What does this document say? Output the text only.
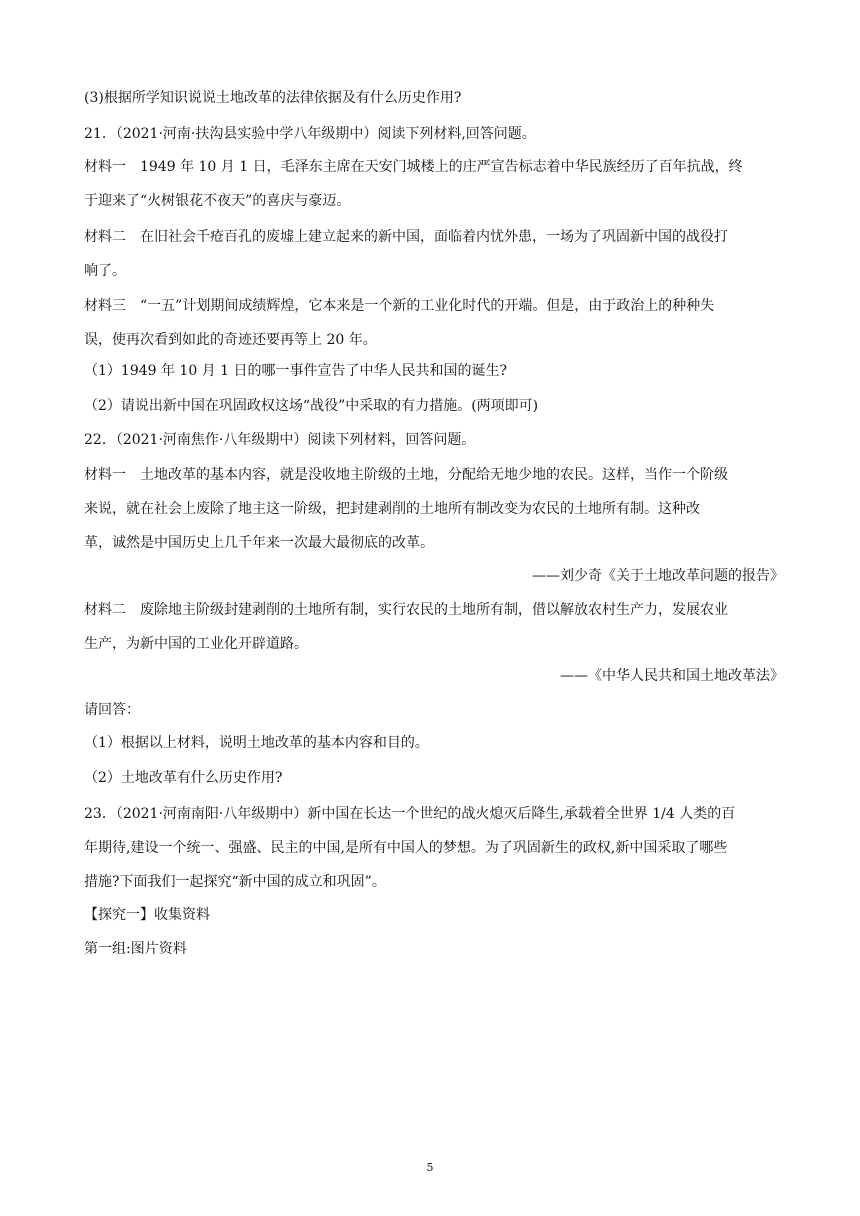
(3)根据所学知识说说土地改革的法律依据及有什么历史作用?
21．（2021·河南·扶沟县实验中学八年级期中）阅读下列材料,回答问题。
材料一　1949 年 10 月 1 日，毛泽东主席在天安门城楼上的庄严宣告标志着中华民族经历了百年抗战，终
于迎来了“火树银花不夜天”的喜庆与豪迈。
材料二　在旧社会千疮百孔的废墟上建立起来的新中国，面临着内忧外患，一场为了巩固新中国的战役打
响了。
材料三　“一五”计划期间成绩辉煌，它本来是一个新的工业化时代的开端。但是，由于政治上的种种失
误，使再次看到如此的奇迹还要再等上 20 年。
（1）1949 年 10 月 1 日的哪一事件宣告了中华人民共和国的诞生?
（2）请说出新中国在巩固政权这场“战役”中采取的有力措施。(两项即可)
22．（2021·河南焦作·八年级期中）阅读下列材料，回答问题。
材料一　土地改革的基本内容，就是没收地主阶级的土地，分配给无地少地的农民。这样，当作一个阶级
来说，就在社会上废除了地主这一阶级，把封建剥削的土地所有制改变为农民的土地所有制。这种改
革，诚然是中国历史上几千年来一次最大最彻底的改革。
——刘少奇《关于土地改革问题的报告》
材料二　废除地主阶级封建剥削的土地所有制，实行农民的土地所有制，借以解放农村生产力，发展农业
生产，为新中国的工业化开辟道路。
——《中华人民共和国土地改革法》
请回答：
（1）根据以上材料，说明土地改革的基本内容和目的。
（2）土地改革有什么历史作用?
23．（2021·河南南阳·八年级期中）新中国在长达一个世纪的战火熄灭后降生,承载着全世界 1/4 人类的百
年期待,建设一个统一、强盛、民主的中国,是所有中国人的梦想。为了巩固新生的政权,新中国采取了哪些
措施?下面我们一起探究“新中国的成立和巩固”。
【探究一】收集资料
第一组:图片资料
5
